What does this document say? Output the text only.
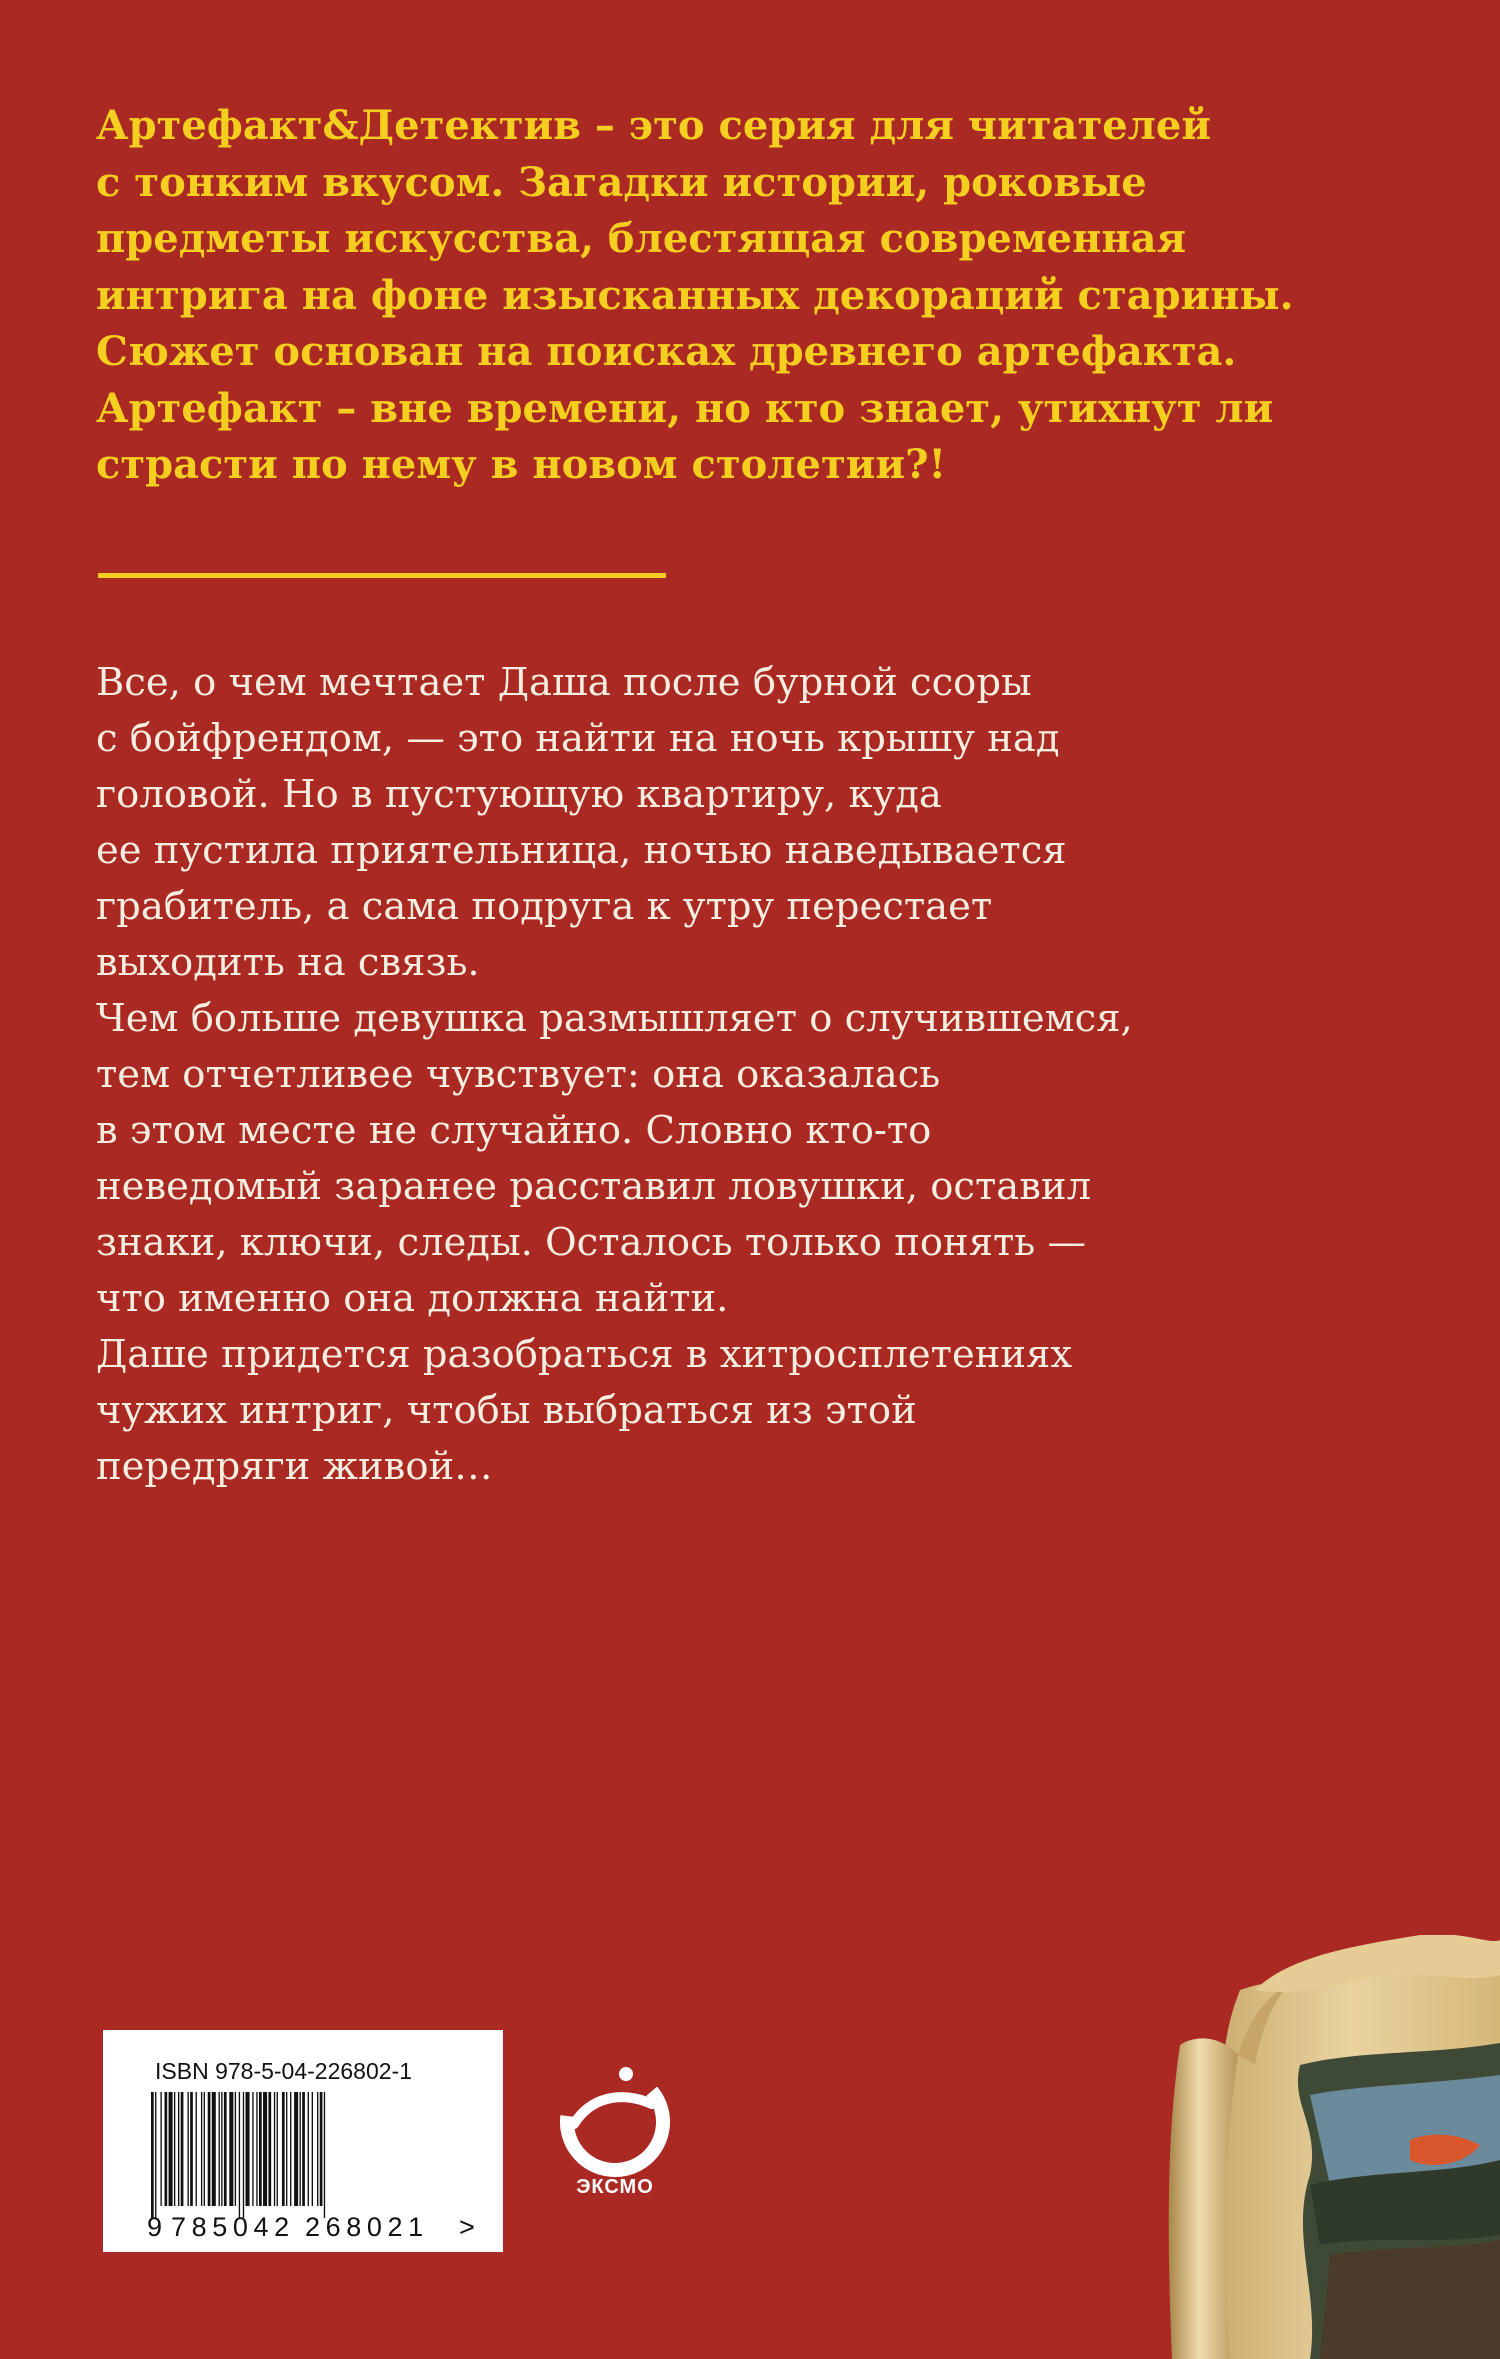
Артефакт&Детектив – это серия для читателей
с тонким вкусом. Загадки истории, роковые
предметы искусства, блестящая современная
интрига на фоне изысканных декораций старины.
Сюжет основан на поисках древнего артефакта.
Артефакт – вне времени, но кто знает, утихнут ли
страсти по нему в новом столетии?!
Все, о чем мечтает Даша после бурной ссоры
с бойфрендом, — это найти на ночь крышу над
головой. Но в пустующую квартиру, куда
ее пустила приятельница, ночью наведывается
грабитель, а сама подруга к утру перестает
выходить на связь.
Чем больше девушка размышляет о случившемся,
тем отчетливее чувствует: она оказалась
в этом месте не случайно. Словно кто-то
неведомый заранее расставил ловушки, оставил
знаки, ключи, следы. Осталось только понять —
что именно она должна найти.
Даше придется разобраться в хитросплетениях
чужих интриг, чтобы выбраться из этой
передряги живой…
ISBN 978-5-04-226802-1
9 785042 268021 >
ЭКСМО
